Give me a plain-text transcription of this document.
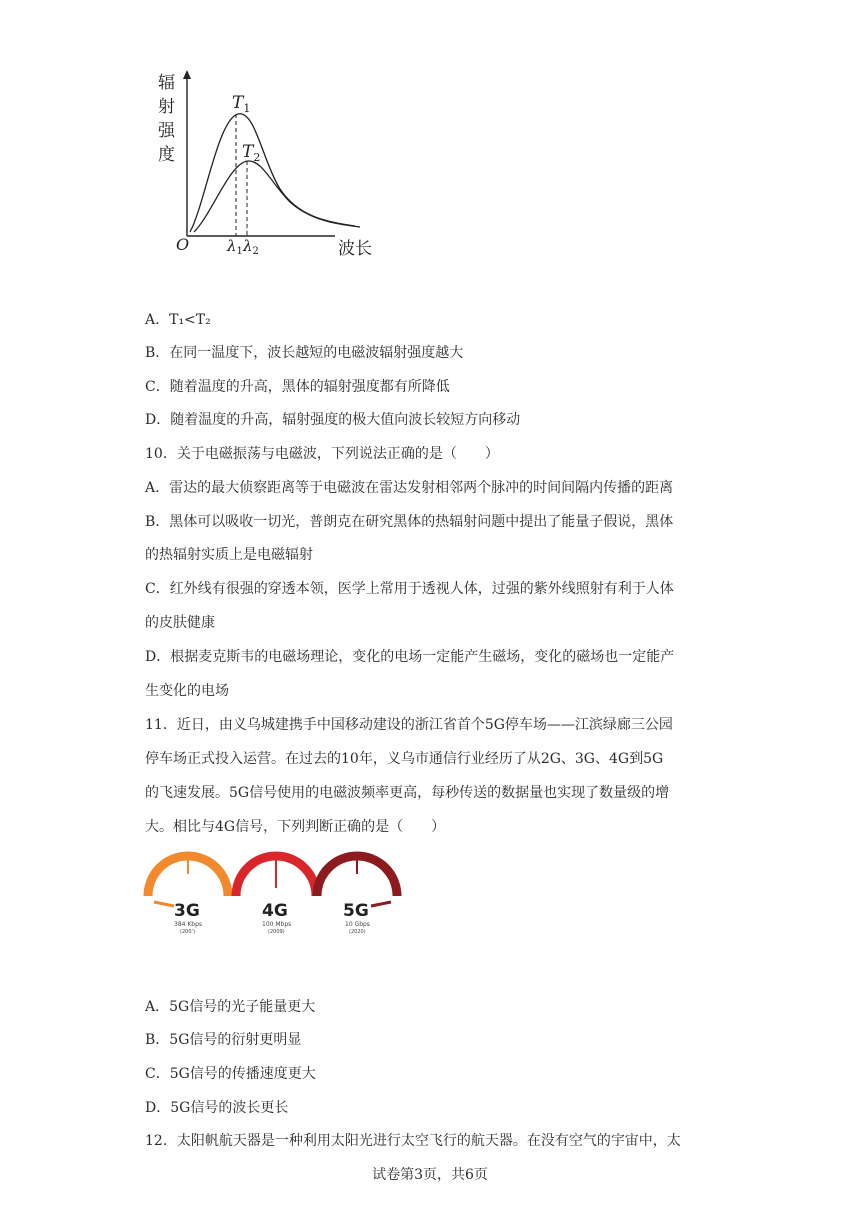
辐
射
强
度
O	波长
$T_1$
$T_2$
$\lambda_1$ $\lambda_2$
A．T₁<T₂
B．在同一温度下，波长越短的电磁波辐射强度越大
C．随着温度的升高，黑体的辐射强度都有所降低
D．随着温度的升高，辐射强度的极大值向波长较短方向移动
10．关于电磁振荡与电磁波，下列说法正确的是（　　）
A．雷达的最大侦察距离等于电磁波在雷达发射相邻两个脉冲的时间间隔内传播的距离
B．黑体可以吸收一切光，普朗克在研究黑体的热辐射问题中提出了能量子假说，黑体
的热辐射实质上是电磁辐射
C．红外线有很强的穿透本领，医学上常用于透视人体，过强的紫外线照射有利于人体
的皮肤健康
D．根据麦克斯韦的电磁场理论，变化的电场一定能产生磁场，变化的磁场也一定能产
生变化的电场
11．近日，由义乌城建携手中国移动建设的浙江省首个5G停车场——江滨绿廊三公园
停车场正式投入运营。在过去的10年，义乌市通信行业经历了从2G、3G、4G到5G
的飞速发展。5G信号使用的电磁波频率更高，每秒传送的数据量也实现了数量级的增
大。相比与4G信号，下列判断正确的是（　　）
3G
384 Kbps
(200’)
4G
100 Mbps
(2009)
5G
10 Gbps
(2020)
A．5G信号的光子能量更大
B．5G信号的衍射更明显
C．5G信号的传播速度更大
D．5G信号的波长更长
12．太阳帆航天器是一种利用太阳光进行太空飞行的航天器。在没有空气的宇宙中，太
试卷第3页，共6页
